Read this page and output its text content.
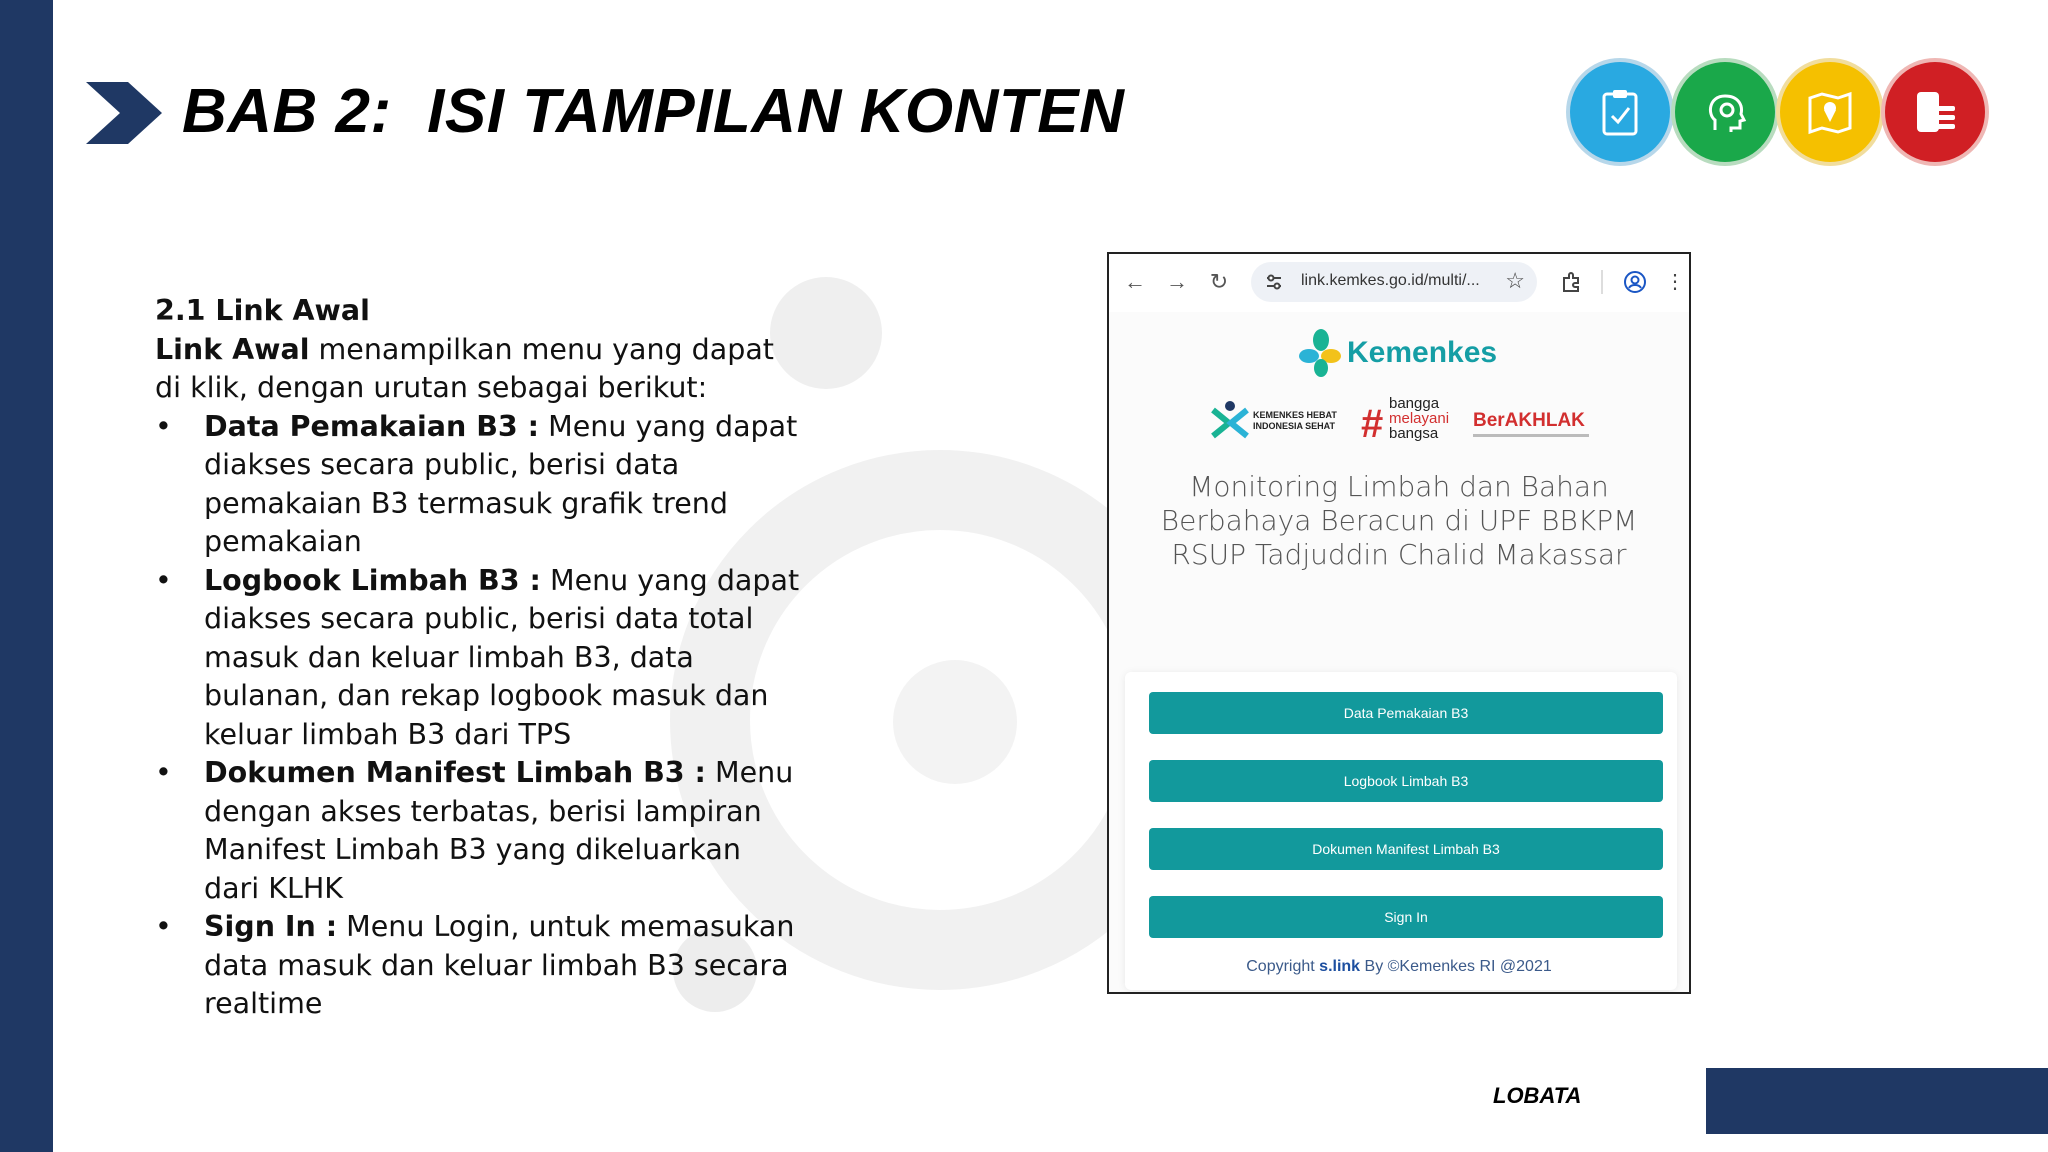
BAB 2:  ISI TAMPILAN KONTEN
2.1 Link Awal
Link Awal menampilkan menu yang dapat di klik, dengan urutan sebagai berikut:
• Data Pemakaian B3 : Menu yang dapat diakses secara public, berisi data pemakaian B3 termasuk grafik trend pemakaian
• Logbook Limbah B3 : Menu yang dapat diakses secara public, berisi data total masuk dan keluar limbah B3, data bulanan, dan rekap logbook masuk dan keluar limbah B3 dari TPS
• Dokumen Manifest Limbah B3 : Menu dengan akses terbatas, berisi lampiran Manifest Limbah B3 yang dikeluarkan dari KLHK
• Sign In : Menu Login, untuk memasukan data masuk dan keluar limbah B3 secara realtime
← → ↻	link.kemkes.go.id/multi/... ☆	⋮
Kemenkes
KEMENKES HEBAT
INDONESIA SEHAT # bangga
melayani
bangsa
BerAKHLAK
Monitoring Limbah dan Bahan Berbahaya Beracun di UPF BBKPM RSUP Tadjuddin Chalid Makassar
Data Pemakaian B3
Logbook Limbah B3
Dokumen Manifest Limbah B3
Sign In
Copyright s.link By ©Kemenkes RI @2021
LOBATA
